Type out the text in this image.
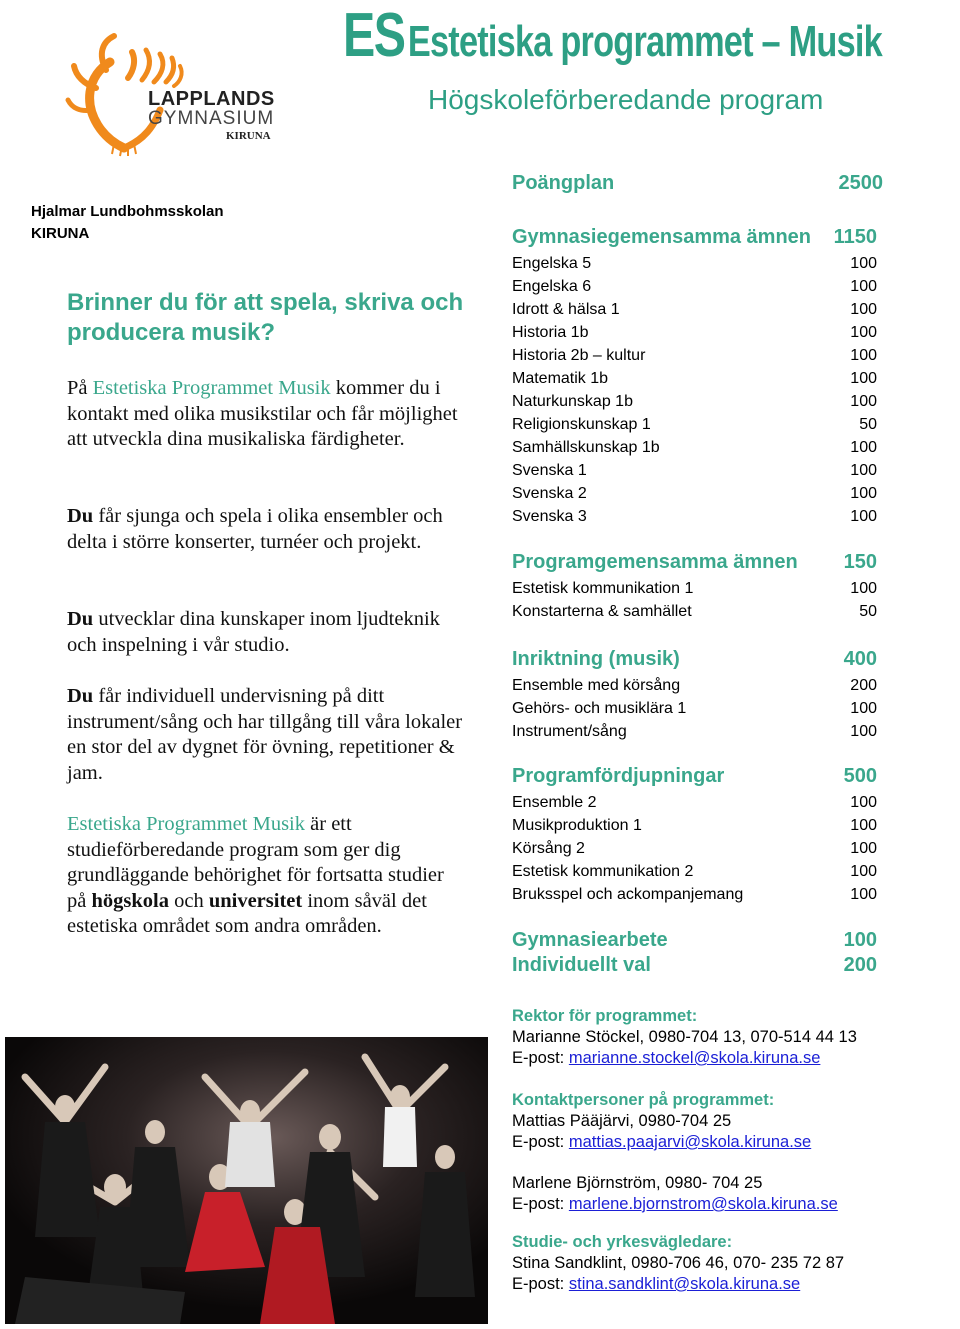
LAPPLANDS
GYMNASIUM
KIRUNA
ES Estetiska programmet – Musik
Högskoleförberedande program
Hjalmar Lundbohmsskolan
KIRUNA
Brinner du för att spela, skriva och producera musik?
På Estetiska Programmet Musik kommer du i kontakt med olika musikstilar och får möjlighet att utveckla dina musikaliska färdigheter.
Du får sjunga och spela i olika ensembler och delta i större konserter, turnéer och projekt.
Du utvecklar dina kunskaper inom ljudteknik och inspelning i vår studio.
Du får individuell undervisning på ditt instrument/sång och har tillgång till våra lokaler en stor del av dygnet för övning, repetitioner & jam.
Estetiska Programmet Musik är ett studieförberedande program som ger dig grundläggande behörighet för fortsatta studier på högskola och universitet inom såväl det estetiska området som andra områden.
Poängplan	2500
Gymnasiegemensamma ämnen 1150
Engelska 5	100
Engelska 6	100
Idrott & hälsa 1	100
Historia 1b	100
Historia 2b – kultur	100
Matematik 1b	100
Naturkunskap 1b	100
Religionskunskap 1	50
Samhällskunskap 1b	100
Svenska 1	100
Svenska 2	100
Svenska 3	100
Programgemensamma ämnen 150
Estetisk kommunikation 1	100
Konstarterna & samhället	50
Inriktning (musik)	400
Ensemble med körsång	200
Gehörs- och musiklära 1	100
Instrument/sång	100
Programfördjupningar	500
Ensemble 2	100
Musikproduktion 1	100
Körsång 2	100
Estetisk kommunikation 2	100
Bruksspel och ackompanjemang	100
Gymnasiearbete	100
Individuellt val	200
Rektor för programmet:
Marianne Stöckel, 0980-704 13, 070-514 44 13
E-post: marianne.stockel@skola.kiruna.se
Kontaktpersoner på programmet:
Mattias Pääjärvi, 0980-704 25
E-post: mattias.paajarvi@skola.kiruna.se
Marlene Björnström, 0980- 704 25
E-post: marlene.bjornstrom@skola.kiruna.se
Studie- och yrkesvägledare:
Stina Sandklint, 0980-706 46, 070- 235 72 87
E-post: stina.sandklint@skola.kiruna.se
